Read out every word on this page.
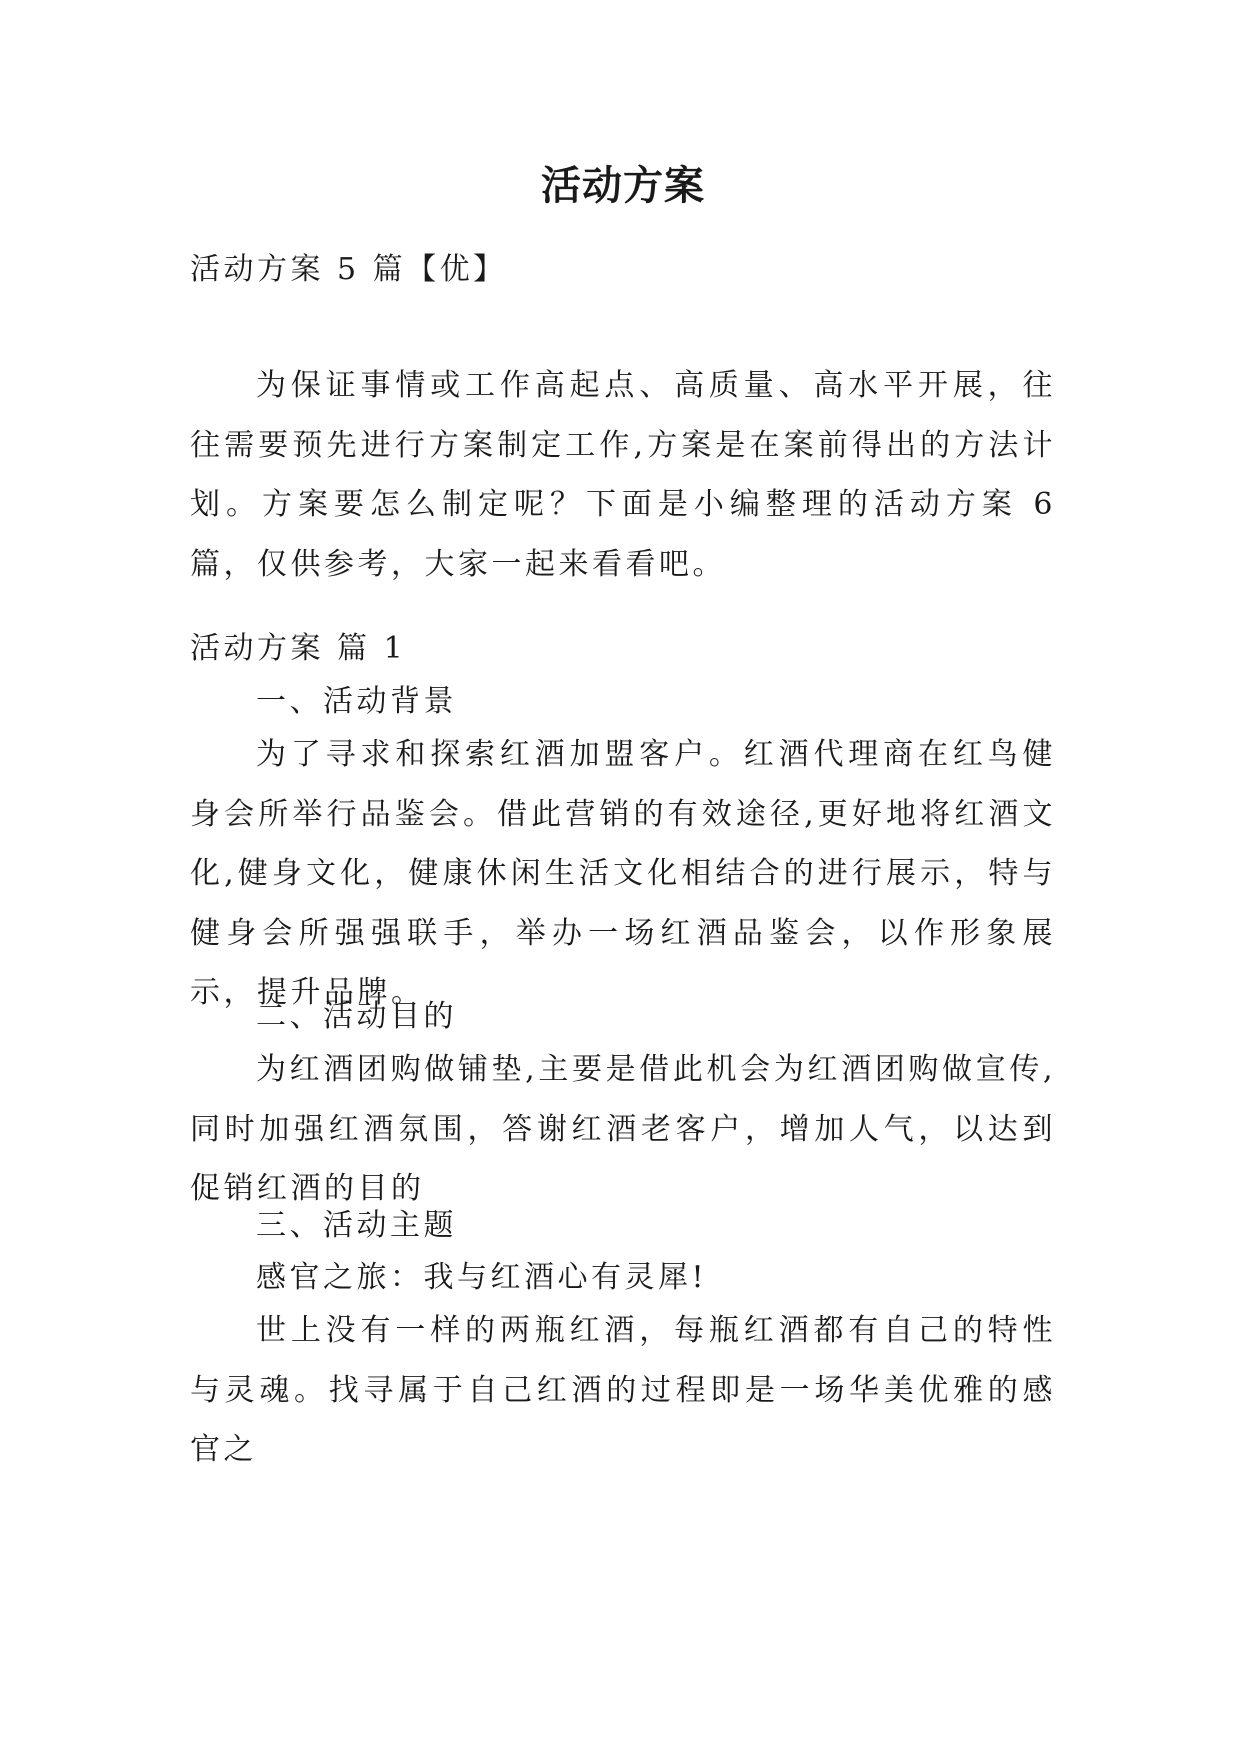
活动方案

活动方案 5 篇【优】

为保证事情或工作高起点、高质量、高水平开展，往往需要预先进行方案制定工作,方案是在案前得出的方法计划。方案要怎么制定呢？下面是小编整理的活动方案 6 篇，仅供参考，大家一起来看看吧。

活动方案 篇 1

一、活动背景

为了寻求和探索红酒加盟客户。红酒代理商在红鸟健身会所举行品鉴会。借此营销的有效途径,更好地将红酒文化,健身文化，健康休闲生活文化相结合的进行展示，特与健身会所强强联手，举办一场红酒品鉴会，以作形象展示，提升品牌。

二、活动目的

为红酒团购做铺垫,主要是借此机会为红酒团购做宣传,同时加强红酒氛围，答谢红酒老客户，增加人气，以达到促销红酒的目的

三、活动主题

感官之旅：我与红酒心有灵犀!

世上没有一样的两瓶红酒，每瓶红酒都有自己的特性与灵魂。找寻属于自己红酒的过程即是一场华美优雅的感官之
